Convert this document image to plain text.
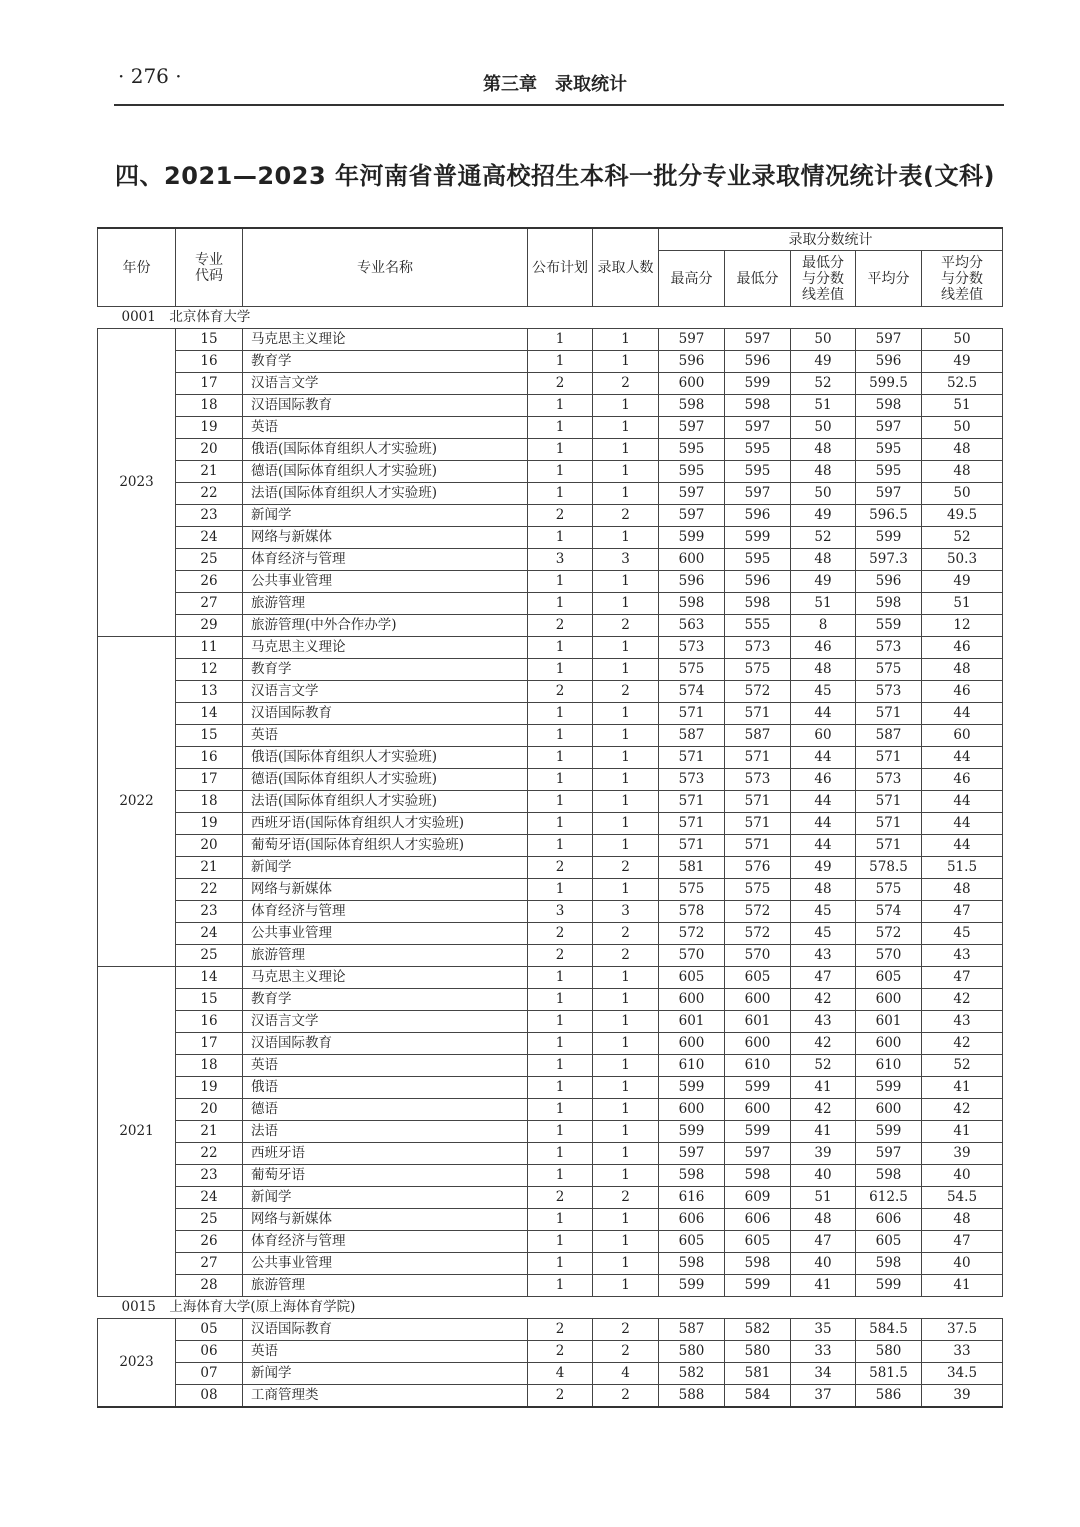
· 276 ·	第三章　录取统计
四、2021—2023 年河南省普通高校招生本科一批分专业录取情况统计表(文科)
年份	专业代码	专业名称	公布计划	录取人数	录取分数统计				
					最高分	最低分	最低分与分数线差值	平均分	平均分与分数线差值
0001　北京体育大学									
2023	15	马克思主义理论	1	1	597	597	50	597	50
	16	教育学	1	1	596	596	49	596	49
	17	汉语言文学	2	2	600	599	52	599.5	52.5
	18	汉语国际教育	1	1	598	598	51	598	51
	19	英语	1	1	597	597	50	597	50
	20	俄语(国际体育组织人才实验班)	1	1	595	595	48	595	48
	21	德语(国际体育组织人才实验班)	1	1	595	595	48	595	48
	22	法语(国际体育组织人才实验班)	1	1	597	597	50	597	50
	23	新闻学	2	2	597	596	49	596.5	49.5
	24	网络与新媒体	1	1	599	599	52	599	52
	25	体育经济与管理	3	3	600	595	48	597.3	50.3
	26	公共事业管理	1	1	596	596	49	596	49
	27	旅游管理	1	1	598	598	51	598	51
	29	旅游管理(中外合作办学)	2	2	563	555	8	559	12
2022	11	马克思主义理论	1	1	573	573	46	573	46
	12	教育学	1	1	575	575	48	575	48
	13	汉语言文学	2	2	574	572	45	573	46
	14	汉语国际教育	1	1	571	571	44	571	44
	15	英语	1	1	587	587	60	587	60
	16	俄语(国际体育组织人才实验班)	1	1	571	571	44	571	44
	17	德语(国际体育组织人才实验班)	1	1	573	573	46	573	46
	18	法语(国际体育组织人才实验班)	1	1	571	571	44	571	44
	19	西班牙语(国际体育组织人才实验班)	1	1	571	571	44	571	44
	20	葡萄牙语(国际体育组织人才实验班)	1	1	571	571	44	571	44
	21	新闻学	2	2	581	576	49	578.5	51.5
	22	网络与新媒体	1	1	575	575	48	575	48
	23	体育经济与管理	3	3	578	572	45	574	47
	24	公共事业管理	2	2	572	572	45	572	45
	25	旅游管理	2	2	570	570	43	570	43
2021	14	马克思主义理论	1	1	605	605	47	605	47
	15	教育学	1	1	600	600	42	600	42
	16	汉语言文学	1	1	601	601	43	601	43
	17	汉语国际教育	1	1	600	600	42	600	42
	18	英语	1	1	610	610	52	610	52
	19	俄语	1	1	599	599	41	599	41
	20	德语	1	1	600	600	42	600	42
	21	法语	1	1	599	599	41	599	41
	22	西班牙语	1	1	597	597	39	597	39
	23	葡萄牙语	1	1	598	598	40	598	40
	24	新闻学	2	2	616	609	51	612.5	54.5
	25	网络与新媒体	1	1	606	606	48	606	48
	26	体育经济与管理	1	1	605	605	47	605	47
	27	公共事业管理	1	1	598	598	40	598	40
	28	旅游管理	1	1	599	599	41	599	41
0015　上海体育大学(原上海体育学院)									
2023	05	汉语国际教育	2	2	587	582	35	584.5	37.5
	06	英语	2	2	580	580	33	580	33
	07	新闻学	4	4	582	581	34	581.5	34.5
	08	工商管理类	2	2	588	584	37	586	39
